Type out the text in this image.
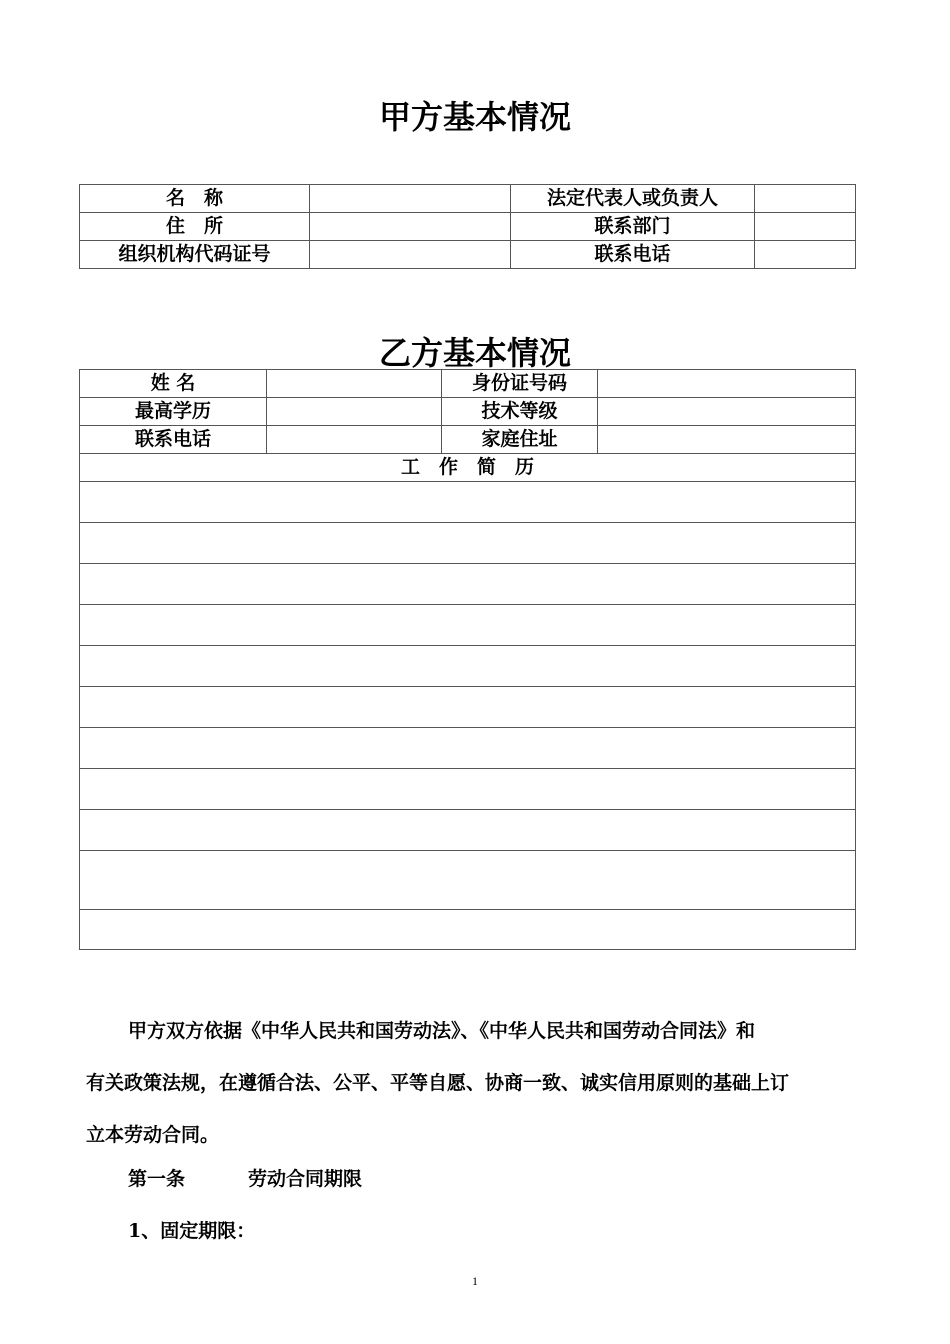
甲方基本情况
名　称		法定代表人或负责人	
住　所		联系部门	
组织机构代码证号		联系电话	
乙方基本情况
姓 名		身份证号码	
最高学历		技术等级	
联系电话		家庭住址	
工　作　简　历			

甲方双方依据《中华人民共和国劳动法》、《中华人民共和国劳动合同法》和
有关政策法规，在遵循合法、公平、平等自愿、协商一致、诚实信用原则的基础上订
立本劳动合同。
第一条	劳动合同期限
1、固定期限：
1
